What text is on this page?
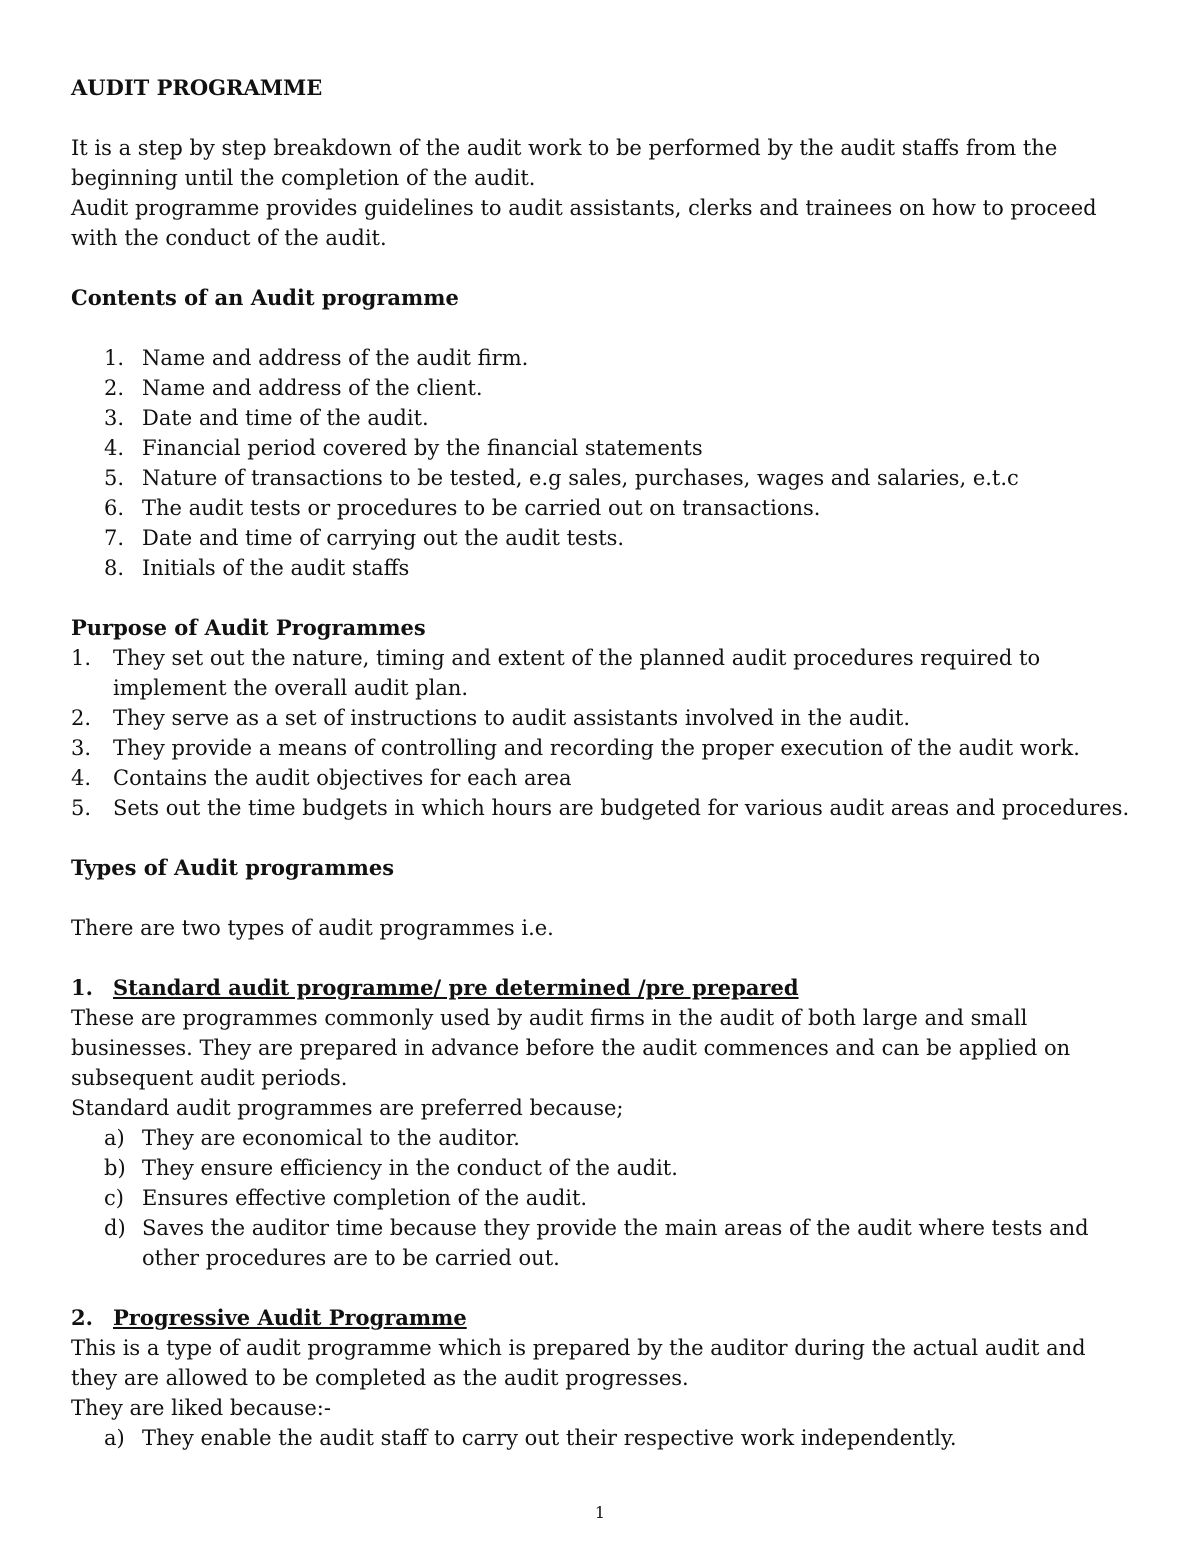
AUDIT PROGRAMME

It is a step by step breakdown of the audit work to be performed by the audit staffs from the beginning until the completion of the audit.

Audit programme provides guidelines to audit assistants, clerks and trainees on how to proceed with the conduct of the audit.

Contents of an Audit programme

1. Name and address of the audit firm.
2. Name and address of the client.
3. Date and time of the audit.
4. Financial period covered by the financial statements
5. Nature of transactions to be tested, e.g sales, purchases, wages and salaries, e.t.c
6. The audit tests or procedures to be carried out on transactions.
7. Date and time of carrying out the audit tests.
8. Initials of the audit staffs

Purpose of Audit Programmes

1.	They set out the nature, timing and extent of the planned audit procedures required to implement the overall audit plan.
2.	They serve as a set of instructions to audit assistants involved in the audit.
3.	They provide a means of controlling and recording the proper execution of the audit work.
4.	Contains the audit objectives for each area
5.	Sets out the time budgets in which hours are budgeted for various audit areas and procedures.

Types of Audit programmes

There are two types of audit programmes i.e.

1. Standard audit programme/ pre determined /pre prepared

These are programmes commonly used by audit firms in the audit of both large and small businesses. They are prepared in advance before the audit commences and can be applied on subsequent audit periods.

Standard audit programmes are preferred because;

a) They are economical to the auditor.
b) They ensure efficiency in the conduct of the audit.
c) Ensures effective completion of the audit.
d) Saves the auditor time because they provide the main areas of the audit where tests and other procedures are to be carried out.

2. Progressive Audit Programme

This is a type of audit programme which is prepared by the auditor during the actual audit and they are allowed to be completed as the audit progresses.

They are liked because:-

a) They enable the audit staff to carry out their respective work independently.
1
